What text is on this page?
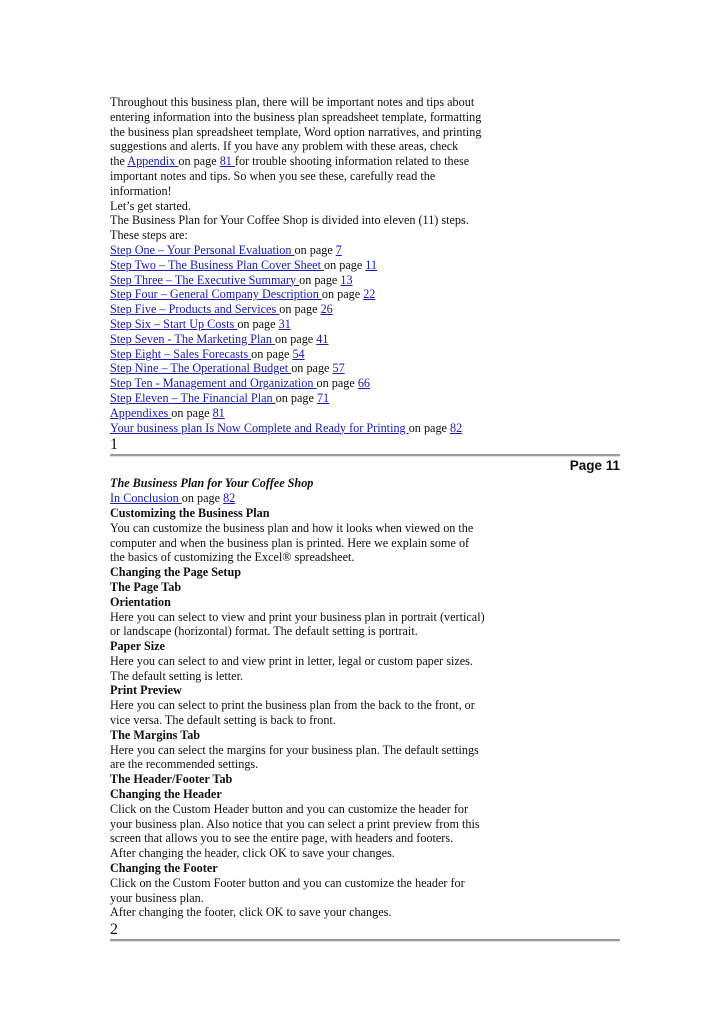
Throughout this business plan, there will be important notes and tips about
entering information into the business plan spreadsheet template, formatting
the business plan spreadsheet template, Word option narratives, and printing
suggestions and alerts. If you have any problem with these areas, check
the Appendix on page 81 for trouble shooting information related to these
important notes and tips. So when you see these, carefully read the
information!
Let’s get started.
The Business Plan for Your Coffee Shop is divided into eleven (11) steps.
These steps are:
Step One – Your Personal Evaluation on page 7
Step Two – The Business Plan Cover Sheet on page 11
Step Three – The Executive Summary on page 13
Step Four – General Company Description on page 22
Step Five – Products and Services on page 26
Step Six – Start Up Costs on page 31
Step Seven - The Marketing Plan on page 41
Step Eight – Sales Forecasts on page 54
Step Nine – The Operational Budget on page 57
Step Ten - Management and Organization on page 66
Step Eleven – The Financial Plan on page 71
Appendixes on page 81
Your business plan Is Now Complete and Ready for Printing on page 82
1
Page 11
The Business Plan for Your Coffee Shop
In Conclusion on page 82
Customizing the Business Plan
You can customize the business plan and how it looks when viewed on the
computer and when the business plan is printed. Here we explain some of
the basics of customizing the Excel® spreadsheet.
Changing the Page Setup
The Page Tab
Orientation
Here you can select to view and print your business plan in portrait (vertical)
or landscape (horizontal) format. The default setting is portrait.
Paper Size
Here you can select to and view print in letter, legal or custom paper sizes.
The default setting is letter.
Print Preview
Here you can select to print the business plan from the back to the front, or
vice versa. The default setting is back to front.
The Margins Tab
Here you can select the margins for your business plan. The default settings
are the recommended settings.
The Header/Footer Tab
Changing the Header
Click on the Custom Header button and you can customize the header for
your business plan. Also notice that you can select a print preview from this
screen that allows you to see the entire page, with headers and footers.
After changing the header, click OK to save your changes.
Changing the Footer
Click on the Custom Footer button and you can customize the header for
your business plan.
After changing the footer, click OK to save your changes.
2
